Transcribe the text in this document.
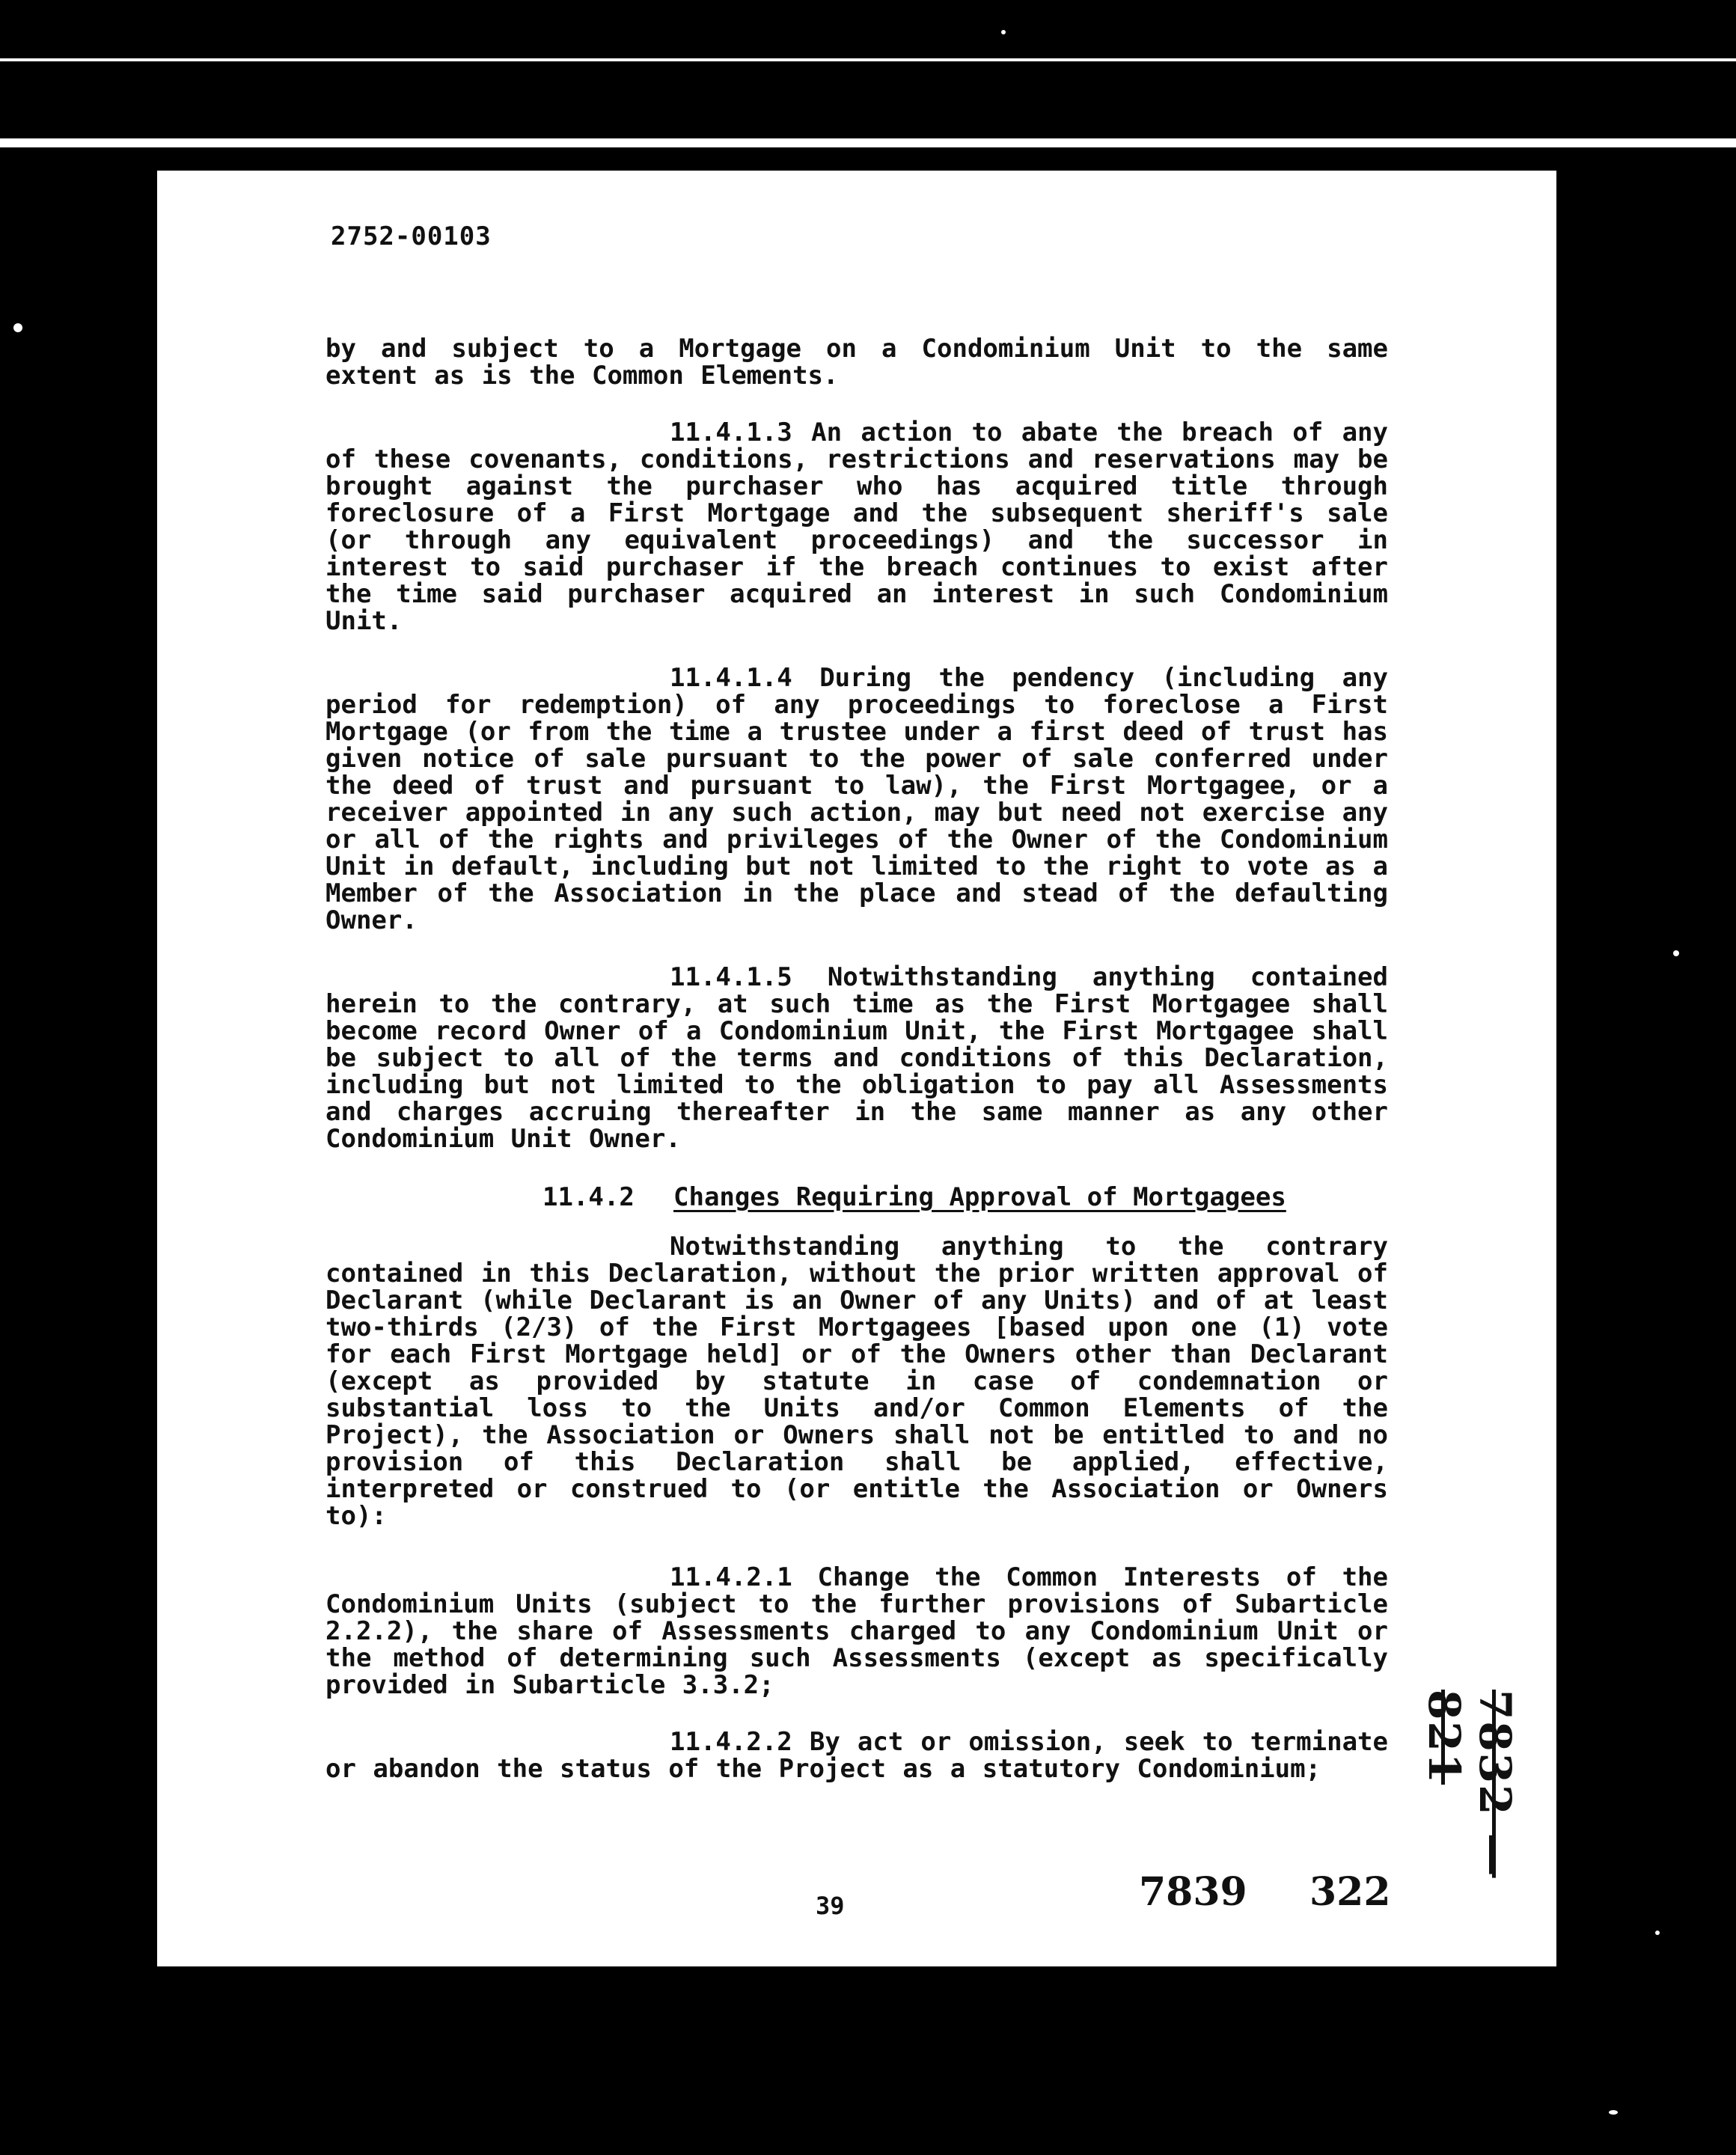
2752-00103
by and subject to a Mortgage on a Condominium Unit to the same extent as is the Common Elements.
11.4.1.3 An action to abate the breach of any of these covenants, conditions, restrictions and reservations may be brought against the purchaser who has acquired title through foreclosure of a First Mortgage and the subsequent sheriff's sale (or through any equivalent proceedings) and the successor in interest to said purchaser if the breach continues to exist after the time said purchaser acquired an interest in such Condominium Unit.
11.4.1.4 During the pendency (including any period for redemption) of any proceedings to foreclose a First Mortgage (or from the time a trustee under a first deed of trust has given notice of sale pursuant to the power of sale conferred under the deed of trust and pursuant to law), the First Mortgagee, or a receiver appointed in any such action, may but need not exercise any or all of the rights and privileges of the Owner of the Condominium Unit in default, including but not limited to the right to vote as a Member of the Association in the place and stead of the defaulting Owner.
11.4.1.5 Notwithstanding anything contained herein to the contrary, at such time as the First Mortgagee shall become record Owner of a Condominium Unit, the First Mortgagee shall be subject to all of the terms and conditions of this Declaration, including but not limited to the obligation to pay all Assessments and charges accruing thereafter in the same manner as any other Condominium Unit Owner.
11.4.2 Changes Requiring Approval of Mortgagees
Notwithstanding anything to the contrary contained in this Declaration, without the prior written approval of Declarant (while Declarant is an Owner of any Units) and of at least two-thirds (2/3) of the First Mortgagees [based upon one (1) vote for each First Mortgage held] or of the Owners other than Declarant (except as provided by statute in case of condemnation or substantial loss to the Units and/or Common Elements of the Project), the Association or Owners shall not be entitled to and no provision of this Declaration shall be applied, effective, interpreted or construed to (or entitle the Association or Owners to):
11.4.2.1 Change the Common Interests of the Condominium Units (subject to the further provisions of Subarticle 2.2.2), the share of Assessments charged to any Condominium Unit or the method of determining such Assessments (except as specifically provided in Subarticle 3.3.2;
11.4.2.2 By act or omission, seek to terminate or abandon the status of the Project as a statutory Condominium;
39	7839 322
7832 — 821
